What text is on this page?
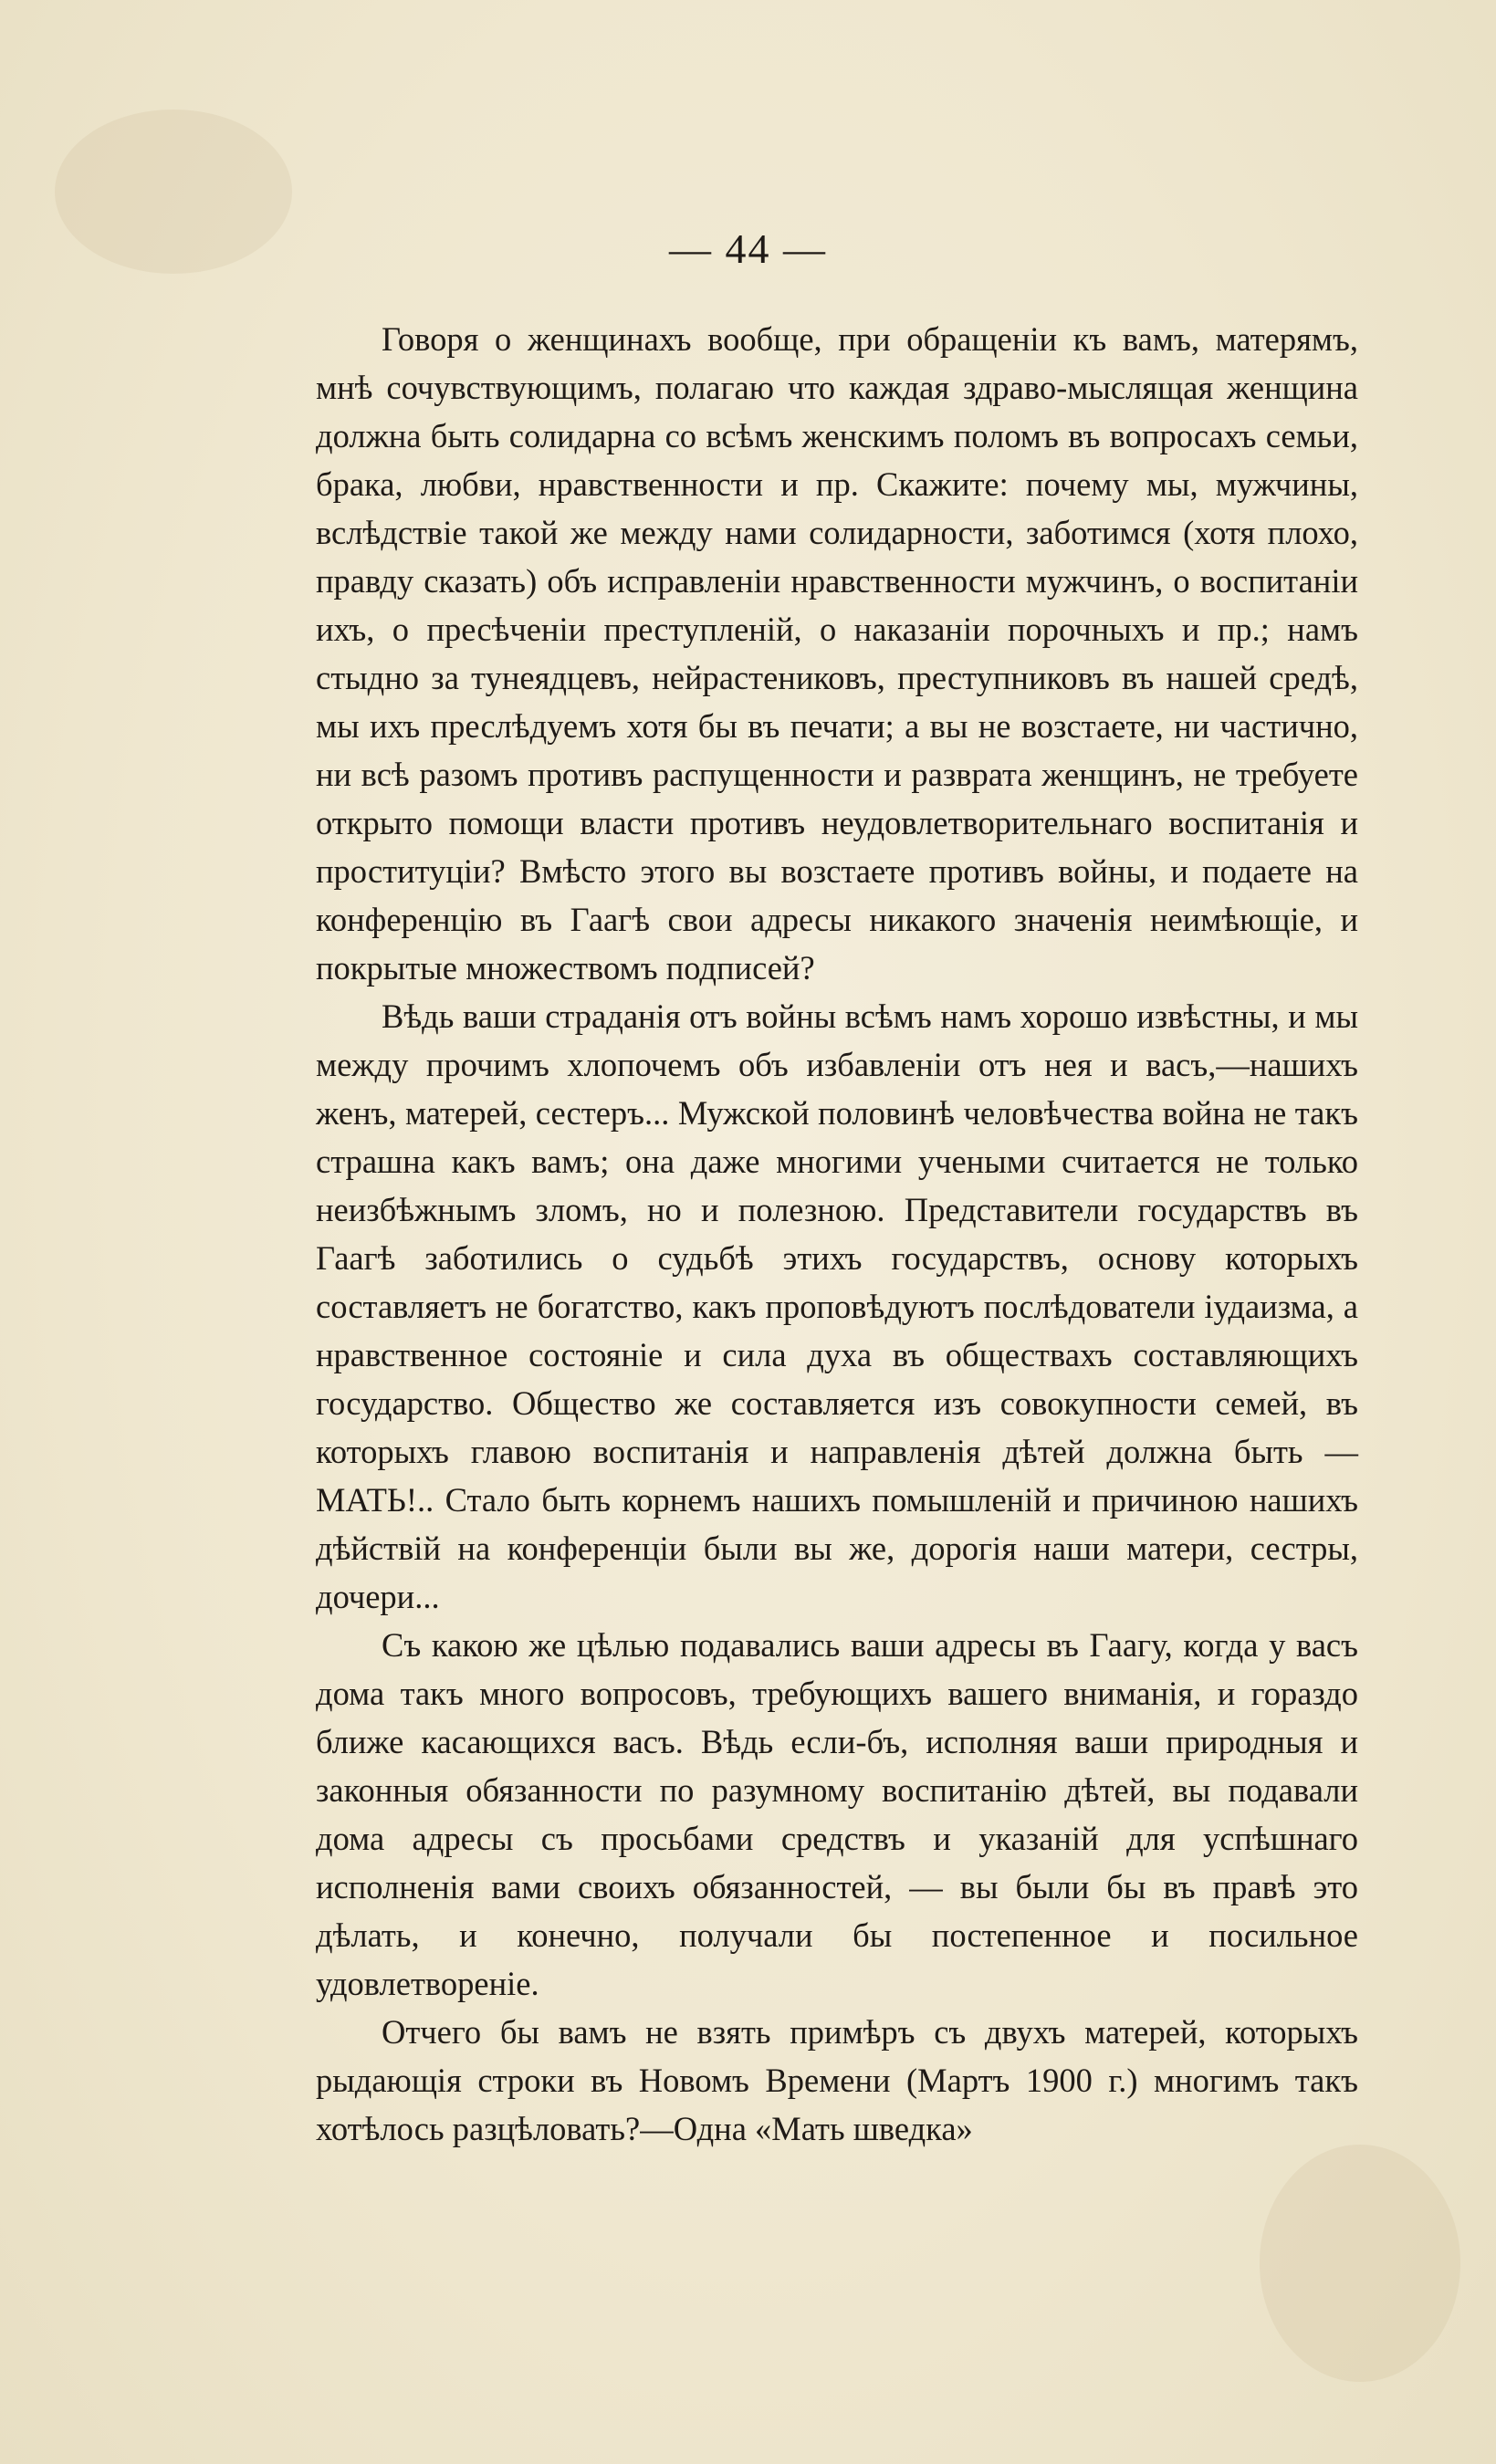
— 44 —

Говоря о женщинахъ вообще, при обращеніи къ вамъ, матерямъ, мнѣ сочувствующимъ, полагаю что каждая здраво-мыслящая женщина должна быть солидарна со всѣмъ женскимъ поломъ въ вопросахъ семьи, брака, любви, нравственности и пр. Скажите: почему мы, мужчины, вслѣдствіе такой же между нами солидарности, заботимся (хотя плохо, правду сказать) объ исправленіи нравственности мужчинъ, о воспитаніи ихъ, о пресѣченіи преступленій, о наказаніи порочныхъ и пр.; намъ стыдно за тунеядцевъ, нейрастениковъ, преступниковъ въ нашей средѣ, мы ихъ преслѣдуемъ хотя бы въ печати; а вы не возстаете, ни частично, ни всѣ разомъ противъ распущенности и разврата женщинъ, не требуете открыто помощи власти противъ неудовлетворительнаго воспитанія и проституціи? Вмѣсто этого вы возстаете противъ войны, и подаете на конференцію въ Гаагѣ свои адресы никакого значенія неимѣющіе, и покрытые множествомъ подписей?

Вѣдь ваши страданія отъ войны всѣмъ намъ хорошо извѣстны, и мы между прочимъ хлопочемъ объ избавленіи отъ нея и васъ,—нашихъ женъ, матерей, сестеръ... Мужской половинѣ человѣчества война не такъ страшна какъ вамъ; она даже многими учеными считается не только неизбѣжнымъ зломъ, но и полезною. Представители государствъ въ Гаагѣ заботились о судьбѣ этихъ государствъ, основу которыхъ составляетъ не богатство, какъ проповѣдуютъ послѣдователи іудаизма, а нравственное состояніе и сила духа въ обществахъ составляющихъ государство. Общество же составляется изъ совокупности семей, въ которыхъ главою воспитанія и направленія дѣтей должна быть — МАТЬ!.. Стало быть корнемъ нашихъ помышленій и причиною нашихъ дѣйствій на конференціи были вы же, дорогія наши матери, сестры, дочери...

Съ какою же цѣлью подавались ваши адресы въ Гаагу, когда у васъ дома такъ много вопросовъ, требующихъ вашего вниманія, и гораздо ближе касающихся васъ. Вѣдь если-бъ, исполняя ваши природныя и законныя обязанности по разумному воспитанію дѣтей, вы подавали дома адресы съ просьбами средствъ и указаній для успѣшнаго исполненія вами своихъ обязанностей, — вы были бы въ правѣ это дѣлать, и конечно, получали бы постепенное и посильное удовлетвореніе.

Отчего бы вамъ не взять примѣръ съ двухъ матерей, которыхъ рыдающія строки въ Новомъ Времени (Мартъ 1900 г.) многимъ такъ хотѣлось разцѣловать?—Одна «Мать шведка»
